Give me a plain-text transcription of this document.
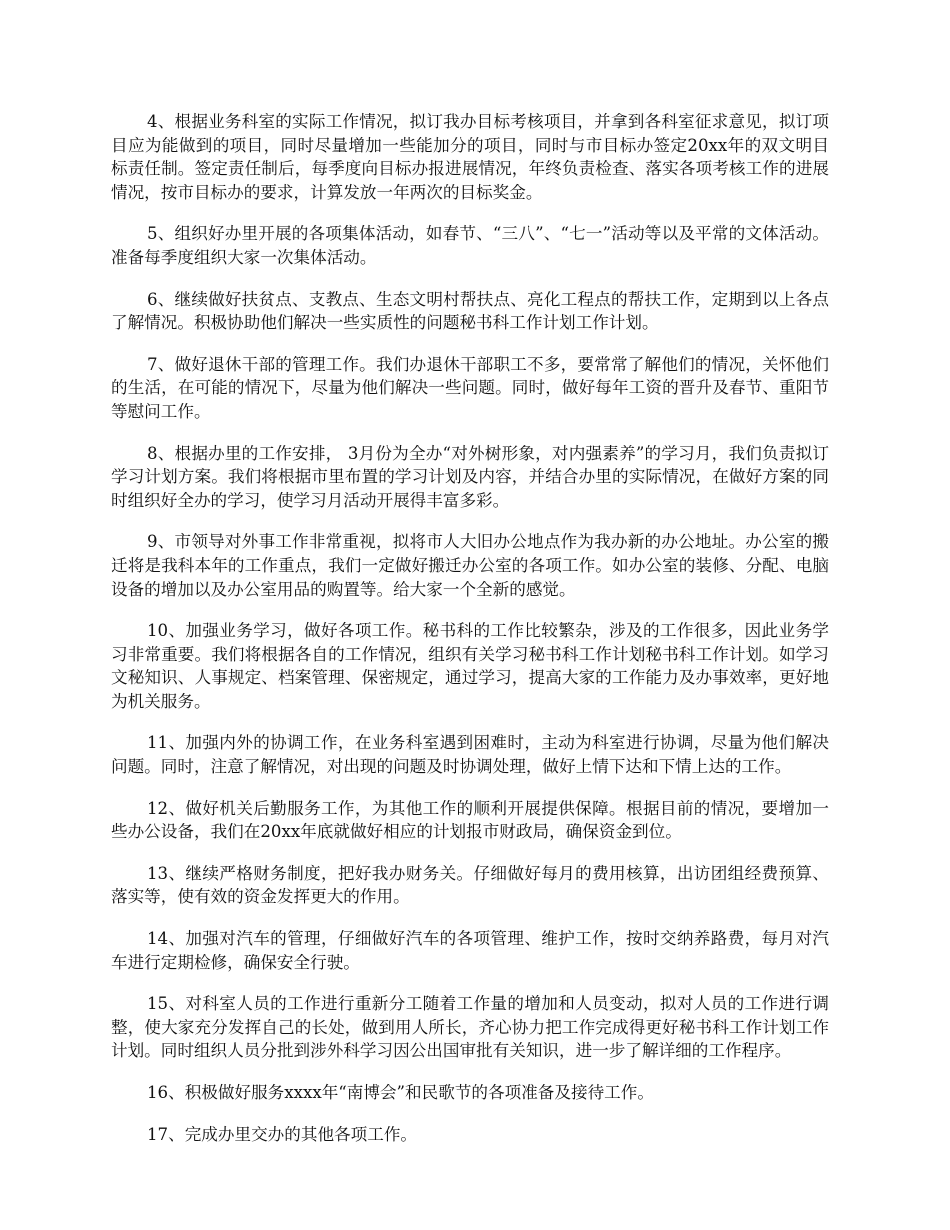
4、根据业务科室的实际工作情况，拟订我办目标考核项目，并拿到各科室征求意见，拟订项目应为能做到的项目，同时尽量增加一些能加分的项目，同时与市目标办签定20xx年的双文明目标责任制。签定责任制后，每季度向目标办报进展情况，年终负责检查、落实各项考核工作的进展情况，按市目标办的要求，计算发放一年两次的目标奖金。

5、组织好办里开展的各项集体活动，如春节、“三八”、“七一”活动等以及平常的文体活动。准备每季度组织大家一次集体活动。

6、继续做好扶贫点、支教点、生态文明村帮扶点、亮化工程点的帮扶工作，定期到以上各点了解情况。积极协助他们解决一些实质性的问题秘书科工作计划工作计划。

7、做好退休干部的管理工作。我们办退休干部职工不多，要常常了解他们的情况，关怀他们的生活，在可能的情况下，尽量为他们解决一些问题。同时，做好每年工资的晋升及春节、重阳节等慰问工作。

8、根据办里的工作安排， 3月份为全办“对外树形象，对内强素养”的学习月，我们负责拟订学习计划方案。我们将根据市里布置的学习计划及内容，并结合办里的实际情况，在做好方案的同时组织好全办的学习，使学习月活动开展得丰富多彩。

9、市领导对外事工作非常重视，拟将市人大旧办公地点作为我办新的办公地址。办公室的搬迁将是我科本年的工作重点，我们一定做好搬迁办公室的各项工作。如办公室的装修、分配、电脑设备的增加以及办公室用品的购置等。给大家一个全新的感觉。

10、加强业务学习，做好各项工作。秘书科的工作比较繁杂，涉及的工作很多，因此业务学习非常重要。我们将根据各自的工作情况，组织有关学习秘书科工作计划秘书科工作计划。如学习文秘知识、人事规定、档案管理、保密规定，通过学习，提高大家的工作能力及办事效率，更好地为机关服务。

11、加强内外的协调工作，在业务科室遇到困难时，主动为科室进行协调，尽量为他们解决问题。同时，注意了解情况，对出现的问题及时协调处理，做好上情下达和下情上达的工作。

12、做好机关后勤服务工作，为其他工作的顺利开展提供保障。根据目前的情况，要增加一些办公设备，我们在20xx年底就做好相应的计划报市财政局，确保资金到位。

13、继续严格财务制度，把好我办财务关。仔细做好每月的费用核算，出访团组经费预算、落实等，使有效的资金发挥更大的作用。

14、加强对汽车的管理，仔细做好汽车的各项管理、维护工作，按时交纳养路费，每月对汽车进行定期检修，确保安全行驶。

15、对科室人员的工作进行重新分工随着工作量的增加和人员变动，拟对人员的工作进行调整，使大家充分发挥自己的长处，做到用人所长，齐心协力把工作完成得更好秘书科工作计划工作计划。同时组织人员分批到涉外科学习因公出国审批有关知识，进一步了解详细的工作程序。

16、积极做好服务xxxx年“南博会”和民歌节的各项准备及接待工作。

17、完成办里交办的其他各项工作。
